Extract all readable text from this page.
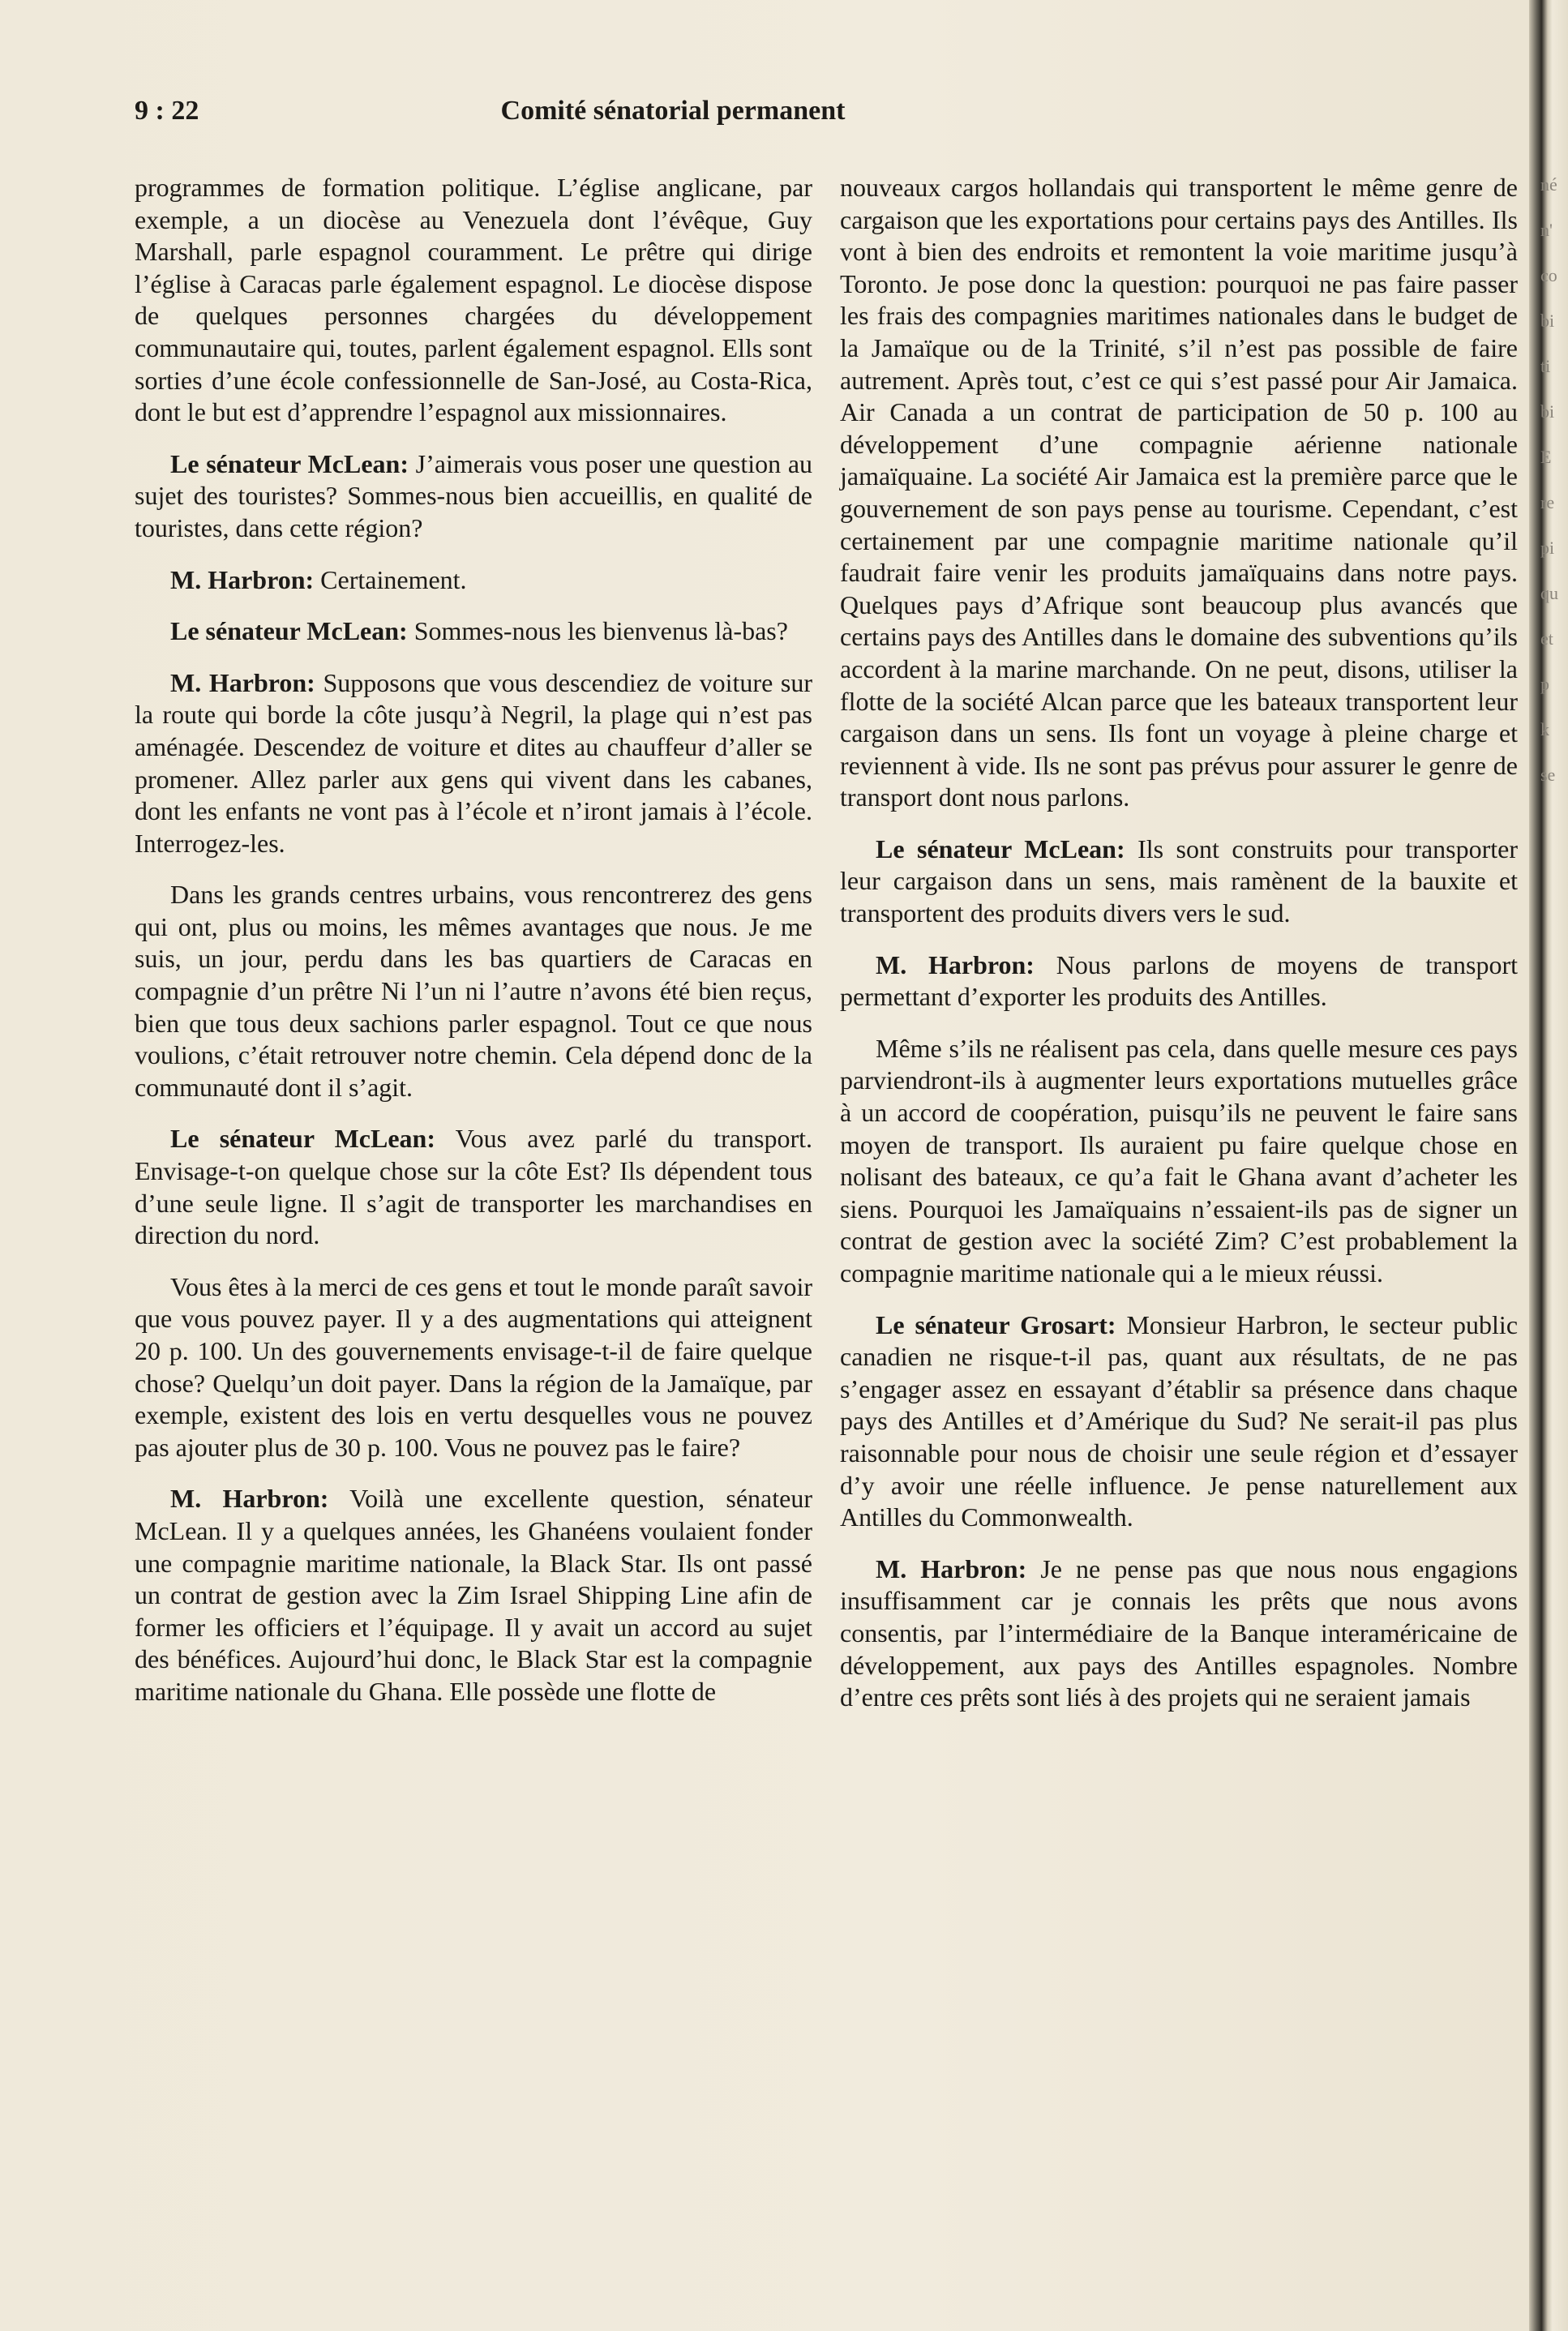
né
n'
co
bi
ti
bi
E
re
pi
qu
et
p
k
se
9 : 22	Comité sénatorial permanent

programmes de formation politique. L’église anglicane, par exemple, a un diocèse au Venezuela dont l’évêque, Guy Marshall, parle espagnol couramment. Le prêtre qui dirige l’église à Caracas parle également espagnol. Le diocèse dispose de quelques personnes chargées du développement communautaire qui, toutes, parlent également espagnol. Ells sont sorties d’une école confessionnelle de San-José, au Costa-Rica, dont le but est d’apprendre l’espagnol aux missionnaires.

Le sénateur McLean: J’aimerais vous poser une question au sujet des touristes? Sommes-nous bien accueillis, en qualité de touristes, dans cette région?

M. Harbron: Certainement.

Le sénateur McLean: Sommes-nous les bienvenus là-bas?

M. Harbron: Supposons que vous descendiez de voiture sur la route qui borde la côte jusqu’à Negril, la plage qui n’est pas aménagée. Descendez de voiture et dites au chauffeur d’aller se promener. Allez parler aux gens qui vivent dans les cabanes, dont les enfants ne vont pas à l’école et n’iront jamais à l’école. Interrogez-les.

Dans les grands centres urbains, vous rencontrerez des gens qui ont, plus ou moins, les mêmes avantages que nous. Je me suis, un jour, perdu dans les bas quartiers de Caracas en compagnie d’un prêtre Ni l’un ni l’autre n’avons été bien reçus, bien que tous deux sachions parler espagnol. Tout ce que nous voulions, c’était retrouver notre chemin. Cela dépend donc de la communauté dont il s’agit.

Le sénateur McLean: Vous avez parlé du transport. Envisage-t-on quelque chose sur la côte Est? Ils dépendent tous d’une seule ligne. Il s’agit de transporter les marchandises en direction du nord.

Vous êtes à la merci de ces gens et tout le monde paraît savoir que vous pouvez payer. Il y a des augmentations qui atteignent 20 p. 100. Un des gouvernements envisage-t-il de faire quelque chose? Quelqu’un doit payer. Dans la région de la Jamaïque, par exemple, existent des lois en vertu desquelles vous ne pouvez pas ajouter plus de 30 p. 100. Vous ne pouvez pas le faire?

M. Harbron: Voilà une excellente question, sénateur McLean. Il y a quelques années, les Ghanéens voulaient fonder une compagnie maritime nationale, la Black Star. Ils ont passé un contrat de gestion avec la Zim Israel Shipping Line afin de former les officiers et l’équipage. Il y avait un accord au sujet des bénéfices. Aujourd’hui donc, le Black Star est la compagnie maritime nationale du Ghana. Elle possède une flotte de

nouveaux cargos hollandais qui transportent le même genre de cargaison que les exportations pour certains pays des Antilles. Ils vont à bien des endroits et remontent la voie maritime jusqu’à Toronto. Je pose donc la question: pourquoi ne pas faire passer les frais des compagnies maritimes nationales dans le budget de la Jamaïque ou de la Trinité, s’il n’est pas possible de faire autrement. Après tout, c’est ce qui s’est passé pour Air Jamaica. Air Canada a un contrat de participation de 50 p. 100 au développement d’une compagnie aérienne nationale jamaïquaine. La société Air Jamaica est la première parce que le gouvernement de son pays pense au tourisme. Cependant, c’est certainement par une compagnie maritime nationale qu’il faudrait faire venir les produits jamaïquains dans notre pays. Quelques pays d’Afrique sont beaucoup plus avancés que certains pays des Antilles dans le domaine des subventions qu’ils accordent à la marine marchande. On ne peut, disons, utiliser la flotte de la société Alcan parce que les bateaux transportent leur cargaison dans un sens. Ils font un voyage à pleine charge et reviennent à vide. Ils ne sont pas prévus pour assurer le genre de transport dont nous parlons.

Le sénateur McLean: Ils sont construits pour transporter leur cargaison dans un sens, mais ramènent de la bauxite et transportent des produits divers vers le sud.

M. Harbron: Nous parlons de moyens de transport permettant d’exporter les produits des Antilles.

Même s’ils ne réalisent pas cela, dans quelle mesure ces pays parviendront-ils à augmenter leurs exportations mutuelles grâce à un accord de coopération, puisqu’ils ne peuvent le faire sans moyen de transport. Ils auraient pu faire quelque chose en nolisant des bateaux, ce qu’a fait le Ghana avant d’acheter les siens. Pourquoi les Jamaïquains n’essaient-ils pas de signer un contrat de gestion avec la société Zim? C’est probablement la compagnie maritime nationale qui a le mieux réussi.

Le sénateur Grosart: Monsieur Harbron, le secteur public canadien ne risque-t-il pas, quant aux résultats, de ne pas s’engager assez en essayant d’établir sa présence dans chaque pays des Antilles et d’Amérique du Sud? Ne serait-il pas plus raisonnable pour nous de choisir une seule région et d’essayer d’y avoir une réelle influence. Je pense naturellement aux Antilles du Commonwealth.

M. Harbron: Je ne pense pas que nous nous engagions insuffisamment car je connais les prêts que nous avons consentis, par l’intermédiaire de la Banque interaméricaine de développement, aux pays des Antilles espagnoles. Nombre d’entre ces prêts sont liés à des projets qui ne seraient jamais
